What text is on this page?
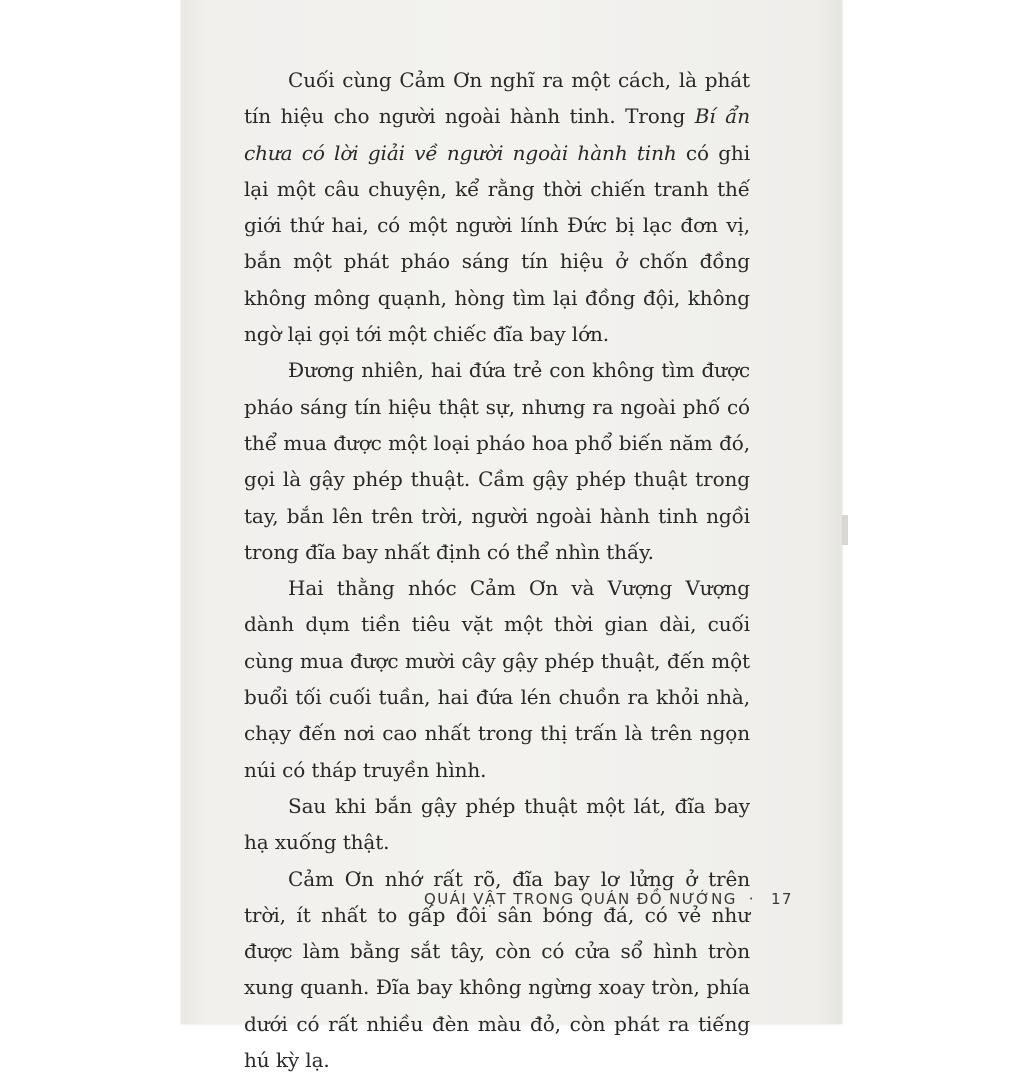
Cuối cùng Cảm Ơn nghĩ ra một cách, là phát tín hiệu cho người ngoài hành tinh. Trong Bí ẩn chưa có lời giải về người ngoài hành tinh có ghi lại một câu chuyện, kể rằng thời chiến tranh thế giới thứ hai, có một người lính Đức bị lạc đơn vị, bắn một phát pháo sáng tín hiệu ở chốn đồng không mông quạnh, hòng tìm lại đồng đội, không ngờ lại gọi tới một chiếc đĩa bay lớn.

Đương nhiên, hai đứa trẻ con không tìm được pháo sáng tín hiệu thật sự, nhưng ra ngoài phố có thể mua được một loại pháo hoa phổ biến năm đó, gọi là gậy phép thuật. Cầm gậy phép thuật trong tay, bắn lên trên trời, người ngoài hành tinh ngồi trong đĩa bay nhất định có thể nhìn thấy.

Hai thằng nhóc Cảm Ơn và Vượng Vượng dành dụm tiền tiêu vặt một thời gian dài, cuối cùng mua được mười cây gậy phép thuật, đến một buổi tối cuối tuần, hai đứa lén chuồn ra khỏi nhà, chạy đến nơi cao nhất trong thị trấn là trên ngọn núi có tháp truyền hình.

Sau khi bắn gậy phép thuật một lát, đĩa bay hạ xuống thật.

Cảm Ơn nhớ rất rõ, đĩa bay lơ lửng ở trên trời, ít nhất to gấp đôi sân bóng đá, có vẻ như được làm bằng sắt tây, còn có cửa sổ hình tròn xung quanh. Đĩa bay không ngừng xoay tròn, phía dưới có rất nhiều đèn màu đỏ, còn phát ra tiếng hú kỳ lạ.

QUÁI VẬT TRONG QUÁN ĐỒ NƯỚNG · 17
